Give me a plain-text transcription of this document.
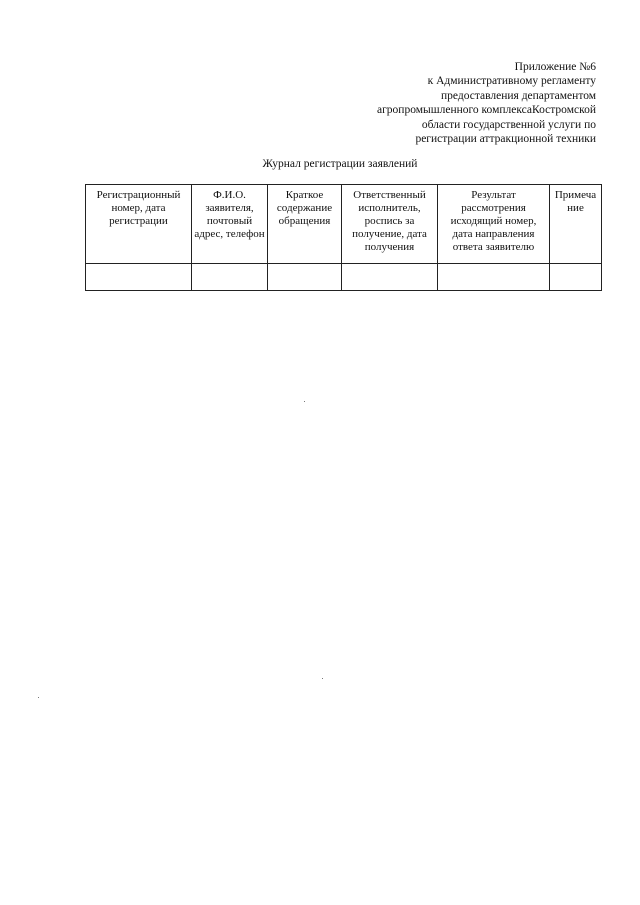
Приложение №6
к Административному регламенту
предоставления департаментом
агропромышленного комплексаКостромской
области государственной услуги по
регистрации аттракционной техники
Журнал регистрации заявлений
Регистрационный номер, дата регистрации	Ф.И.О. заявителя, почтовый адрес, телефон	Краткое содержание обращения	Ответственный исполнитель, роспись за получение, дата получения	Результат рассмотрения исходящий номер, дата направления ответа заявителю	Примеча ние
